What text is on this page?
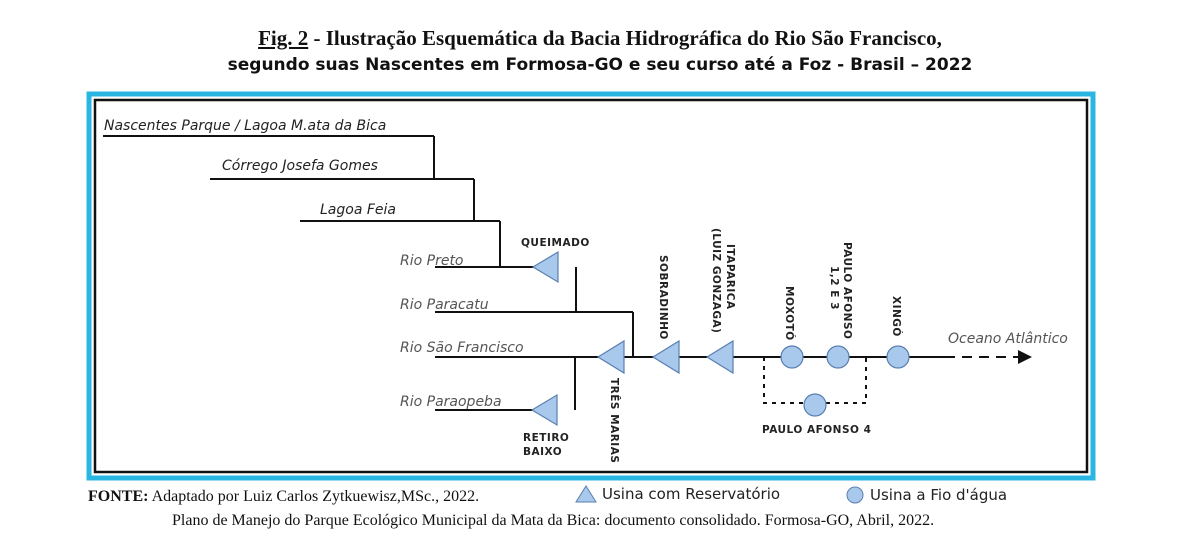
Fig. 2 - Ilustração Esquemática da Bacia Hidrográfica do Rio São Francisco,
segundo suas Nascentes em Formosa-GO e seu curso até a Foz - Brasil – 2022
Nascentes Parque / Lagoa M.ata da Bica
Córrego Josefa Gomes
Lagoa Feia
Rio Preto
Rio Paracatu
Rio São Francisco
Rio Paraopeba
Oceano Atlântico
QUEIMADO
RETIRO
BAIXO
PAULO AFONSO 4
TRÊS MARIAS
SOBRADINHO	ITAPARICA
(LUIZ GONZAGA)	MOXOTÓ	PAULO AFONSO
1,2 E 3
XINGÓ
Usina com Reservatório	Usina a Fio d'água
FONTE: Adaptado por Luiz Carlos Zytkuewisz,MSc., 2022.
Plano de Manejo do Parque Ecológico Municipal da Mata da Bica: documento consolidado. Formosa-GO, Abril, 2022.
